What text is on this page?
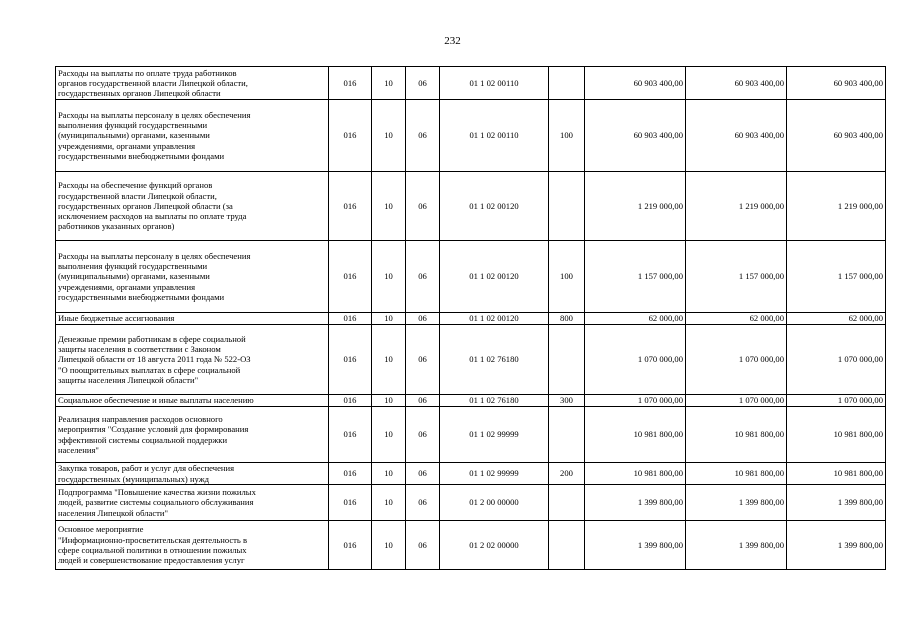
232
Расходы на выплаты по оплате труда работников
органов государственной власти Липецкой области,
государственных органов Липецкой области	016	10	06	01 1 02 00110		60 903 400,00	60 903 400,00	60 903 400,00
Расходы на выплаты персоналу в целях обеспечения
выполнения функций государственными
(муниципальными) органами, казенными
учреждениями, органами управления
государственными внебюджетными фондами	016	10	06	01 1 02 00110	100	60 903 400,00	60 903 400,00	60 903 400,00
Расходы на обеспечение функций органов
государственной власти Липецкой области,
государственных органов Липецкой области (за
исключением расходов на выплаты по оплате труда
работников указанных органов)	016	10	06	01 1 02 00120		1 219 000,00	1 219 000,00	1 219 000,00
Расходы на выплаты персоналу в целях обеспечения
выполнения функций государственными
(муниципальными) органами, казенными
учреждениями, органами управления
государственными внебюджетными фондами	016	10	06	01 1 02 00120	100	1 157 000,00	1 157 000,00	1 157 000,00
Иные бюджетные ассигнования	016	10	06	01 1 02 00120	800	62 000,00	62 000,00	62 000,00
Денежные премии работникам в сфере социальной
защиты населения в соответствии с Законом
Липецкой области от 18 августа 2011 года № 522-ОЗ
"О поощрительных выплатах в сфере социальной
защиты населения Липецкой области"	016	10	06	01 1 02 76180		1 070 000,00	1 070 000,00	1 070 000,00
Социальное обеспечение и иные выплаты населению	016	10	06	01 1 02 76180	300	1 070 000,00	1 070 000,00	1 070 000,00
Реализация направления расходов основного
мероприятия "Создание условий для формирования
эффективной системы социальной поддержки
населения"	016	10	06	01 1 02 99999		10 981 800,00	10 981 800,00	10 981 800,00
Закупка товаров, работ и услуг для обеспечения
государственных (муниципальных) нужд	016	10	06	01 1 02 99999	200	10 981 800,00	10 981 800,00	10 981 800,00
Подпрограмма "Повышение качества жизни пожилых
людей, развитие системы социального обслуживания
населения Липецкой области"	016	10	06	01 2 00 00000		1 399 800,00	1 399 800,00	1 399 800,00
Основное мероприятие
"Информационно-просветительская деятельность в
сфере социальной политики в отношении пожилых
людей и совершенствование предоставления услуг	016	10	06	01 2 02 00000		1 399 800,00	1 399 800,00	1 399 800,00
